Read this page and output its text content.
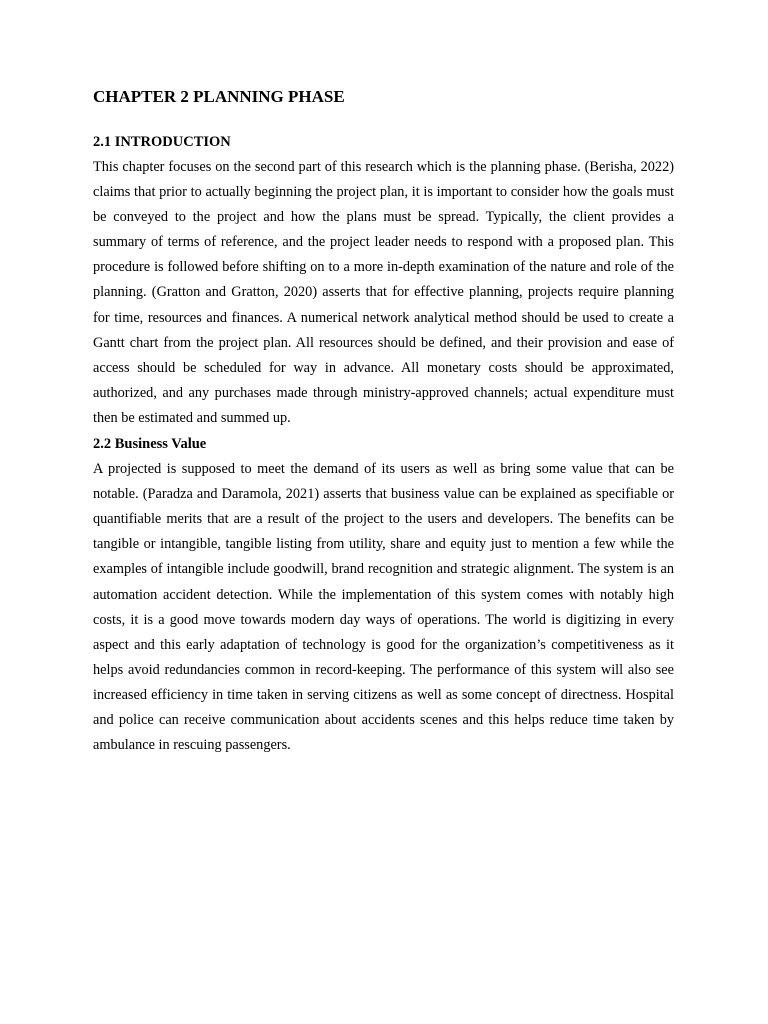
CHAPTER 2 PLANNING PHASE
2.1 INTRODUCTION

This chapter focuses on the second part of this research which is the planning phase. (Berisha, 2022) claims that prior to actually beginning the project plan, it is important to consider how the goals must be conveyed to the project and how the plans must be spread. Typically, the client provides a summary of terms of reference, and the project leader needs to respond with a proposed plan. This procedure is followed before shifting on to a more in-depth examination of the nature and role of the planning. (Gratton and Gratton, 2020) asserts that for effective planning, projects require planning for time, resources and finances. A numerical network analytical method should be used to create a Gantt chart from the project plan. All resources should be defined, and their provision and ease of access should be scheduled for way in advance. All monetary costs should be approximated, authorized, and any purchases made through ministry-approved channels; actual expenditure must then be estimated and summed up.

2.2 Business Value

A projected is supposed to meet the demand of its users as well as bring some value that can be notable. (Paradza and Daramola, 2021) asserts that business value can be explained as specifiable or quantifiable merits that are a result of the project to the users and developers. The benefits can be tangible or intangible, tangible listing from utility, share and equity just to mention a few while the examples of intangible include goodwill, brand recognition and strategic alignment. The system is an automation accident detection. While the implementation of this system comes with notably high costs, it is a good move towards modern day ways of operations. The world is digitizing in every aspect and this early adaptation of technology is good for the organization’s competitiveness as it helps avoid redundancies common in record-keeping. The performance of this system will also see increased efficiency in time taken in serving citizens as well as some concept of directness. Hospital and police can receive communication about accidents scenes and this helps reduce time taken by ambulance in rescuing passengers.
